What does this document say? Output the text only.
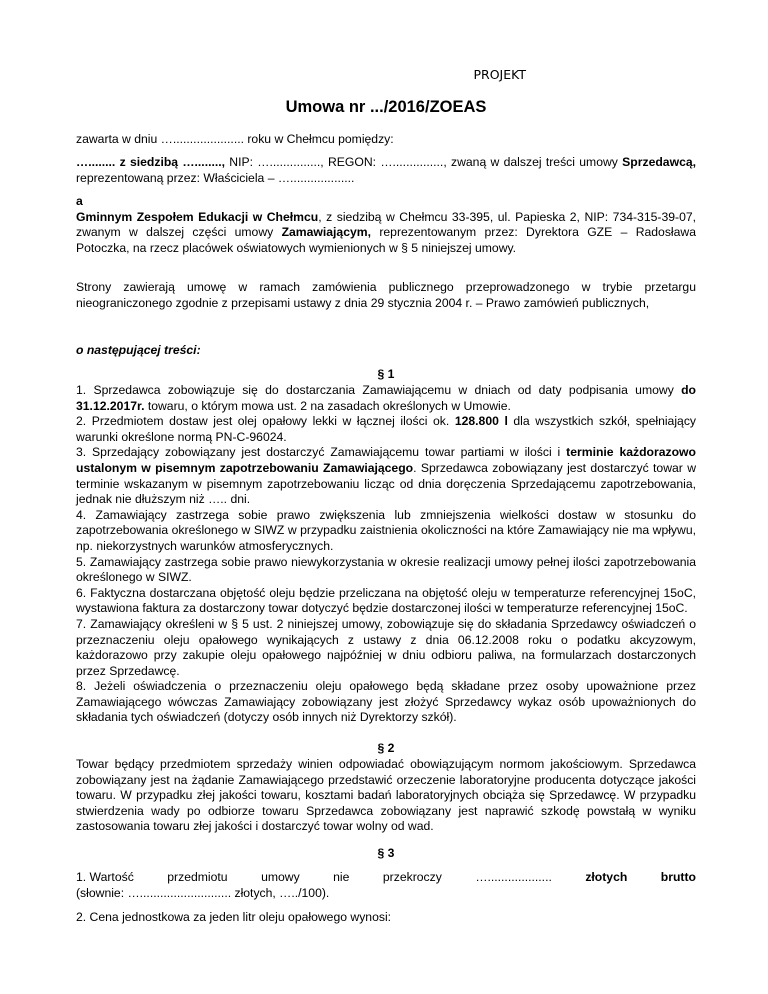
PROJEKT
Umowa nr .../2016/ZOEAS

zawarta w dniu …..................... roku w Chełmcu pomiędzy:

…........ z siedzibą …........, NIP: …..............., REGON: …..............., zwaną w dalszej treści umowy Sprzedawcą, reprezentowaną przez: Właściciela – …...................

a
Gminnym Zespołem Edukacji w Chełmcu, z siedzibą w Chełmcu 33-395, ul. Papieska 2, NIP: 734-315-39-07, zwanym w dalszej części umowy Zamawiającym, reprezentowanym przez: Dyrektora GZE – Radosława Potoczka, na rzecz placówek oświatowych wymienionych w § 5 niniejszej umowy.

Strony zawierają umowę w ramach zamówienia publicznego przeprowadzonego w trybie przetargu nieograniczonego zgodnie z przepisami ustawy z dnia 29 stycznia 2004 r. – Prawo zamówień publicznych,

o następującej treści:

§ 1

1. Sprzedawca zobowiązuje się do dostarczania Zamawiającemu w dniach od daty podpisania umowy do 31.12.2017r. towaru, o którym mowa ust. 2 na zasadach określonych w Umowie.
2. Przedmiotem dostaw jest olej opałowy lekki w łącznej ilości ok. 128.800 l dla wszystkich szkół, spełniający warunki określone normą PN-C-96024.
3. Sprzedający zobowiązany jest dostarczyć Zamawiającemu towar partiami w ilości i terminie każdorazowo ustalonym w pisemnym zapotrzebowaniu Zamawiającego. Sprzedawca zobowiązany jest dostarczyć towar w terminie wskazanym w pisemnym zapotrzebowaniu licząc od dnia doręczenia Sprzedającemu zapotrzebowania, jednak nie dłuższym niż ….. dni.
4. Zamawiający zastrzega sobie prawo zwiększenia lub zmniejszenia wielkości dostaw w stosunku do zapotrzebowania określonego w SIWZ w przypadku zaistnienia okoliczności na które Zamawiający nie ma wpływu, np. niekorzystnych warunków atmosferycznych.
5. Zamawiający zastrzega sobie prawo niewykorzystania w okresie realizacji umowy pełnej ilości zapotrzebowania określonego w SIWZ.
6. Faktyczna dostarczana objętość oleju będzie przeliczana na objętość oleju w temperaturze referencyjnej 15oC, wystawiona faktura za dostarczony towar dotyczyć będzie dostarczonej ilości w temperaturze referencyjnej 15oC.
7. Zamawiający określeni w § 5 ust. 2 niniejszej umowy, zobowiązuje się do składania Sprzedawcy oświadczeń o przeznaczeniu oleju opałowego wynikających z ustawy z dnia 06.12.2008 roku o podatku akcyzowym, każdorazowo przy zakupie oleju opałowego najpóźniej w dniu odbioru paliwa, na formularzach dostarczonych przez Sprzedawcę.
8. Jeżeli oświadczenia o przeznaczeniu oleju opałowego będą składane przez osoby upoważnione przez Zamawiającego wówczas Zamawiający zobowiązany jest złożyć Sprzedawcy wykaz osób upoważnionych do składania tych oświadczeń (dotyczy osób innych niż Dyrektorzy szkół).

§ 2

Towar będący przedmiotem sprzedaży winien odpowiadać obowiązującym normom jakościowym. Sprzedawca zobowiązany jest na żądanie Zamawiającego przedstawić orzeczenie laboratoryjne producenta dotyczące jakości towaru. W przypadku złej jakości towaru, kosztami badań laboratoryjnych obciąża się Sprzedawcę. W przypadku stwierdzenia wady po odbiorze towaru Sprzedawca zobowiązany jest naprawić szkodę powstałą w wyniku zastosowania towaru złej jakości i dostarczyć towar wolny od wad.

§ 3

1. Wartość	przedmiotu	umowy	nie	przekroczy	…...................	złotych	brutto

(słownie: …........................... złotych, …../100).

2. Cena jednostkowa za jeden litr oleju opałowego wynosi:
